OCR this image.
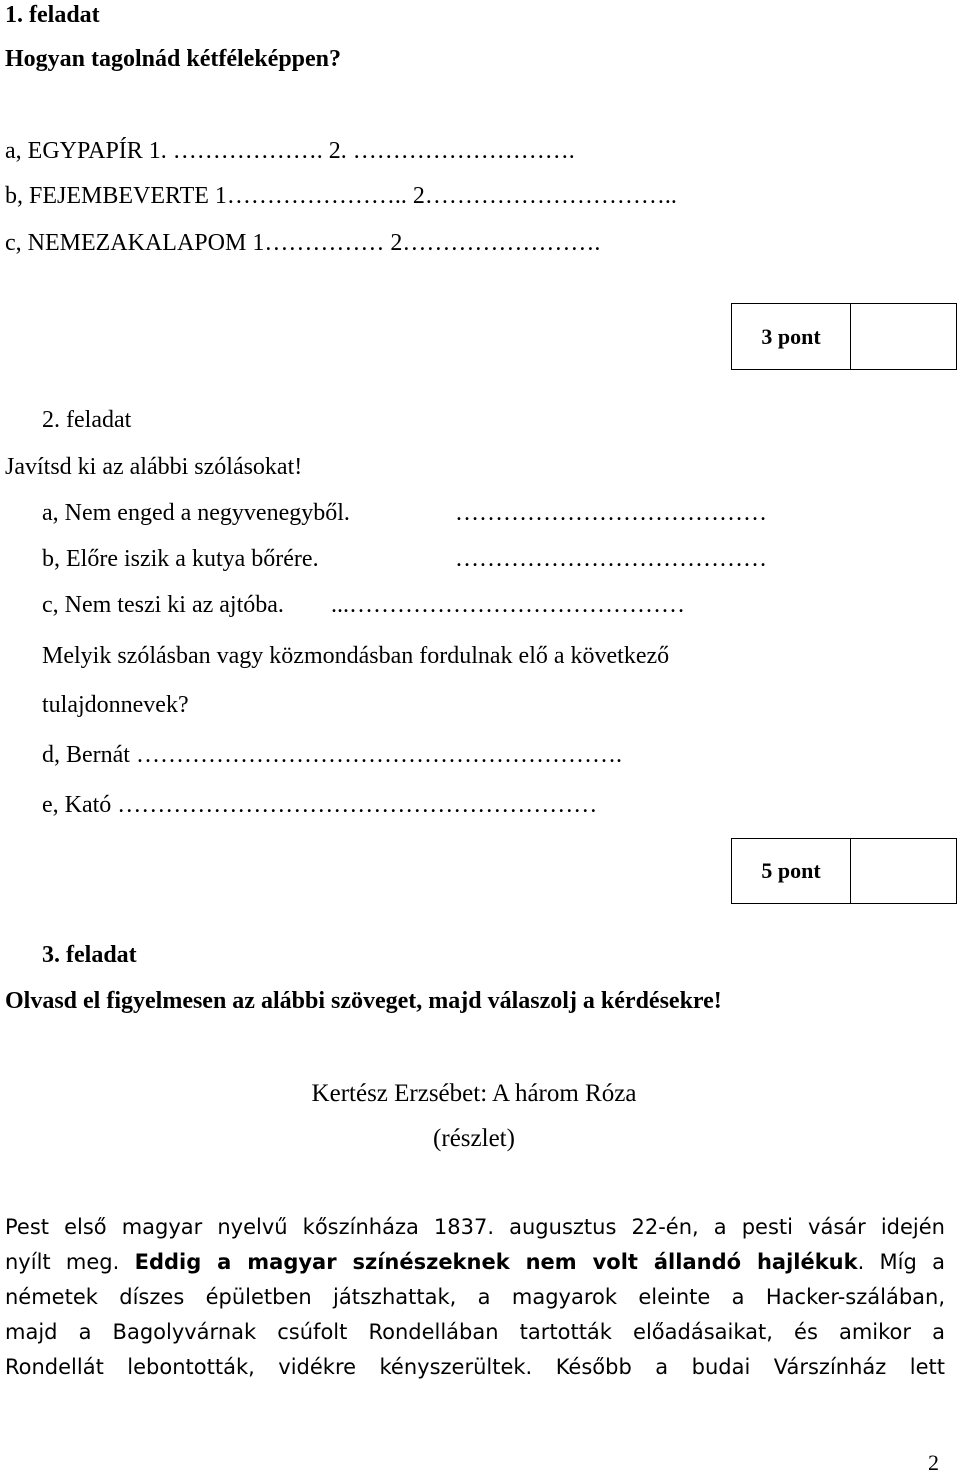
1. feladat
Hogyan tagolnád kétféleképpen?
a, EGYPAPÍR 1. ………………. 2. ……………………….
b, FEJEMBEVERTE 1………………….. 2…………………………..
c, NEMEZAKALAPOM 1…………… 2…………………….
3 pont
2. feladat
Javítsd ki az alábbi szólásokat!
a, Nem enged a negyvenegyből.	…………………………………
b, Előre iszik a kutya bőrére.	…………………………………
c, Nem teszi ki az ajtóba. ...……………………………………
Melyik szólásban vagy közmondásban fordulnak elő a következő
tulajdonnevek?
d, Bernát …………………………………………………….
e, Kató ……………………………………………………
5 pont
3. feladat
Olvasd el figyelmesen az alábbi szöveget, majd válaszolj a kérdésekre!
Kertész Erzsébet: A három Róza
(részlet)
Pest első magyar nyelvű kőszínháza 1837. augusztus 22-én, a pesti vásár idején
nyílt meg. Eddig a magyar színészeknek nem volt állandó hajlékuk. Míg a
németek díszes épületben játszhattak, a magyarok eleinte a Hacker-szálában,
majd a Bagolyvárnak csúfolt Rondellában tartották előadásaikat, és amikor a
Rondellát lebontották, vidékre kényszerültek. Később a budai Várszínház lett
2
